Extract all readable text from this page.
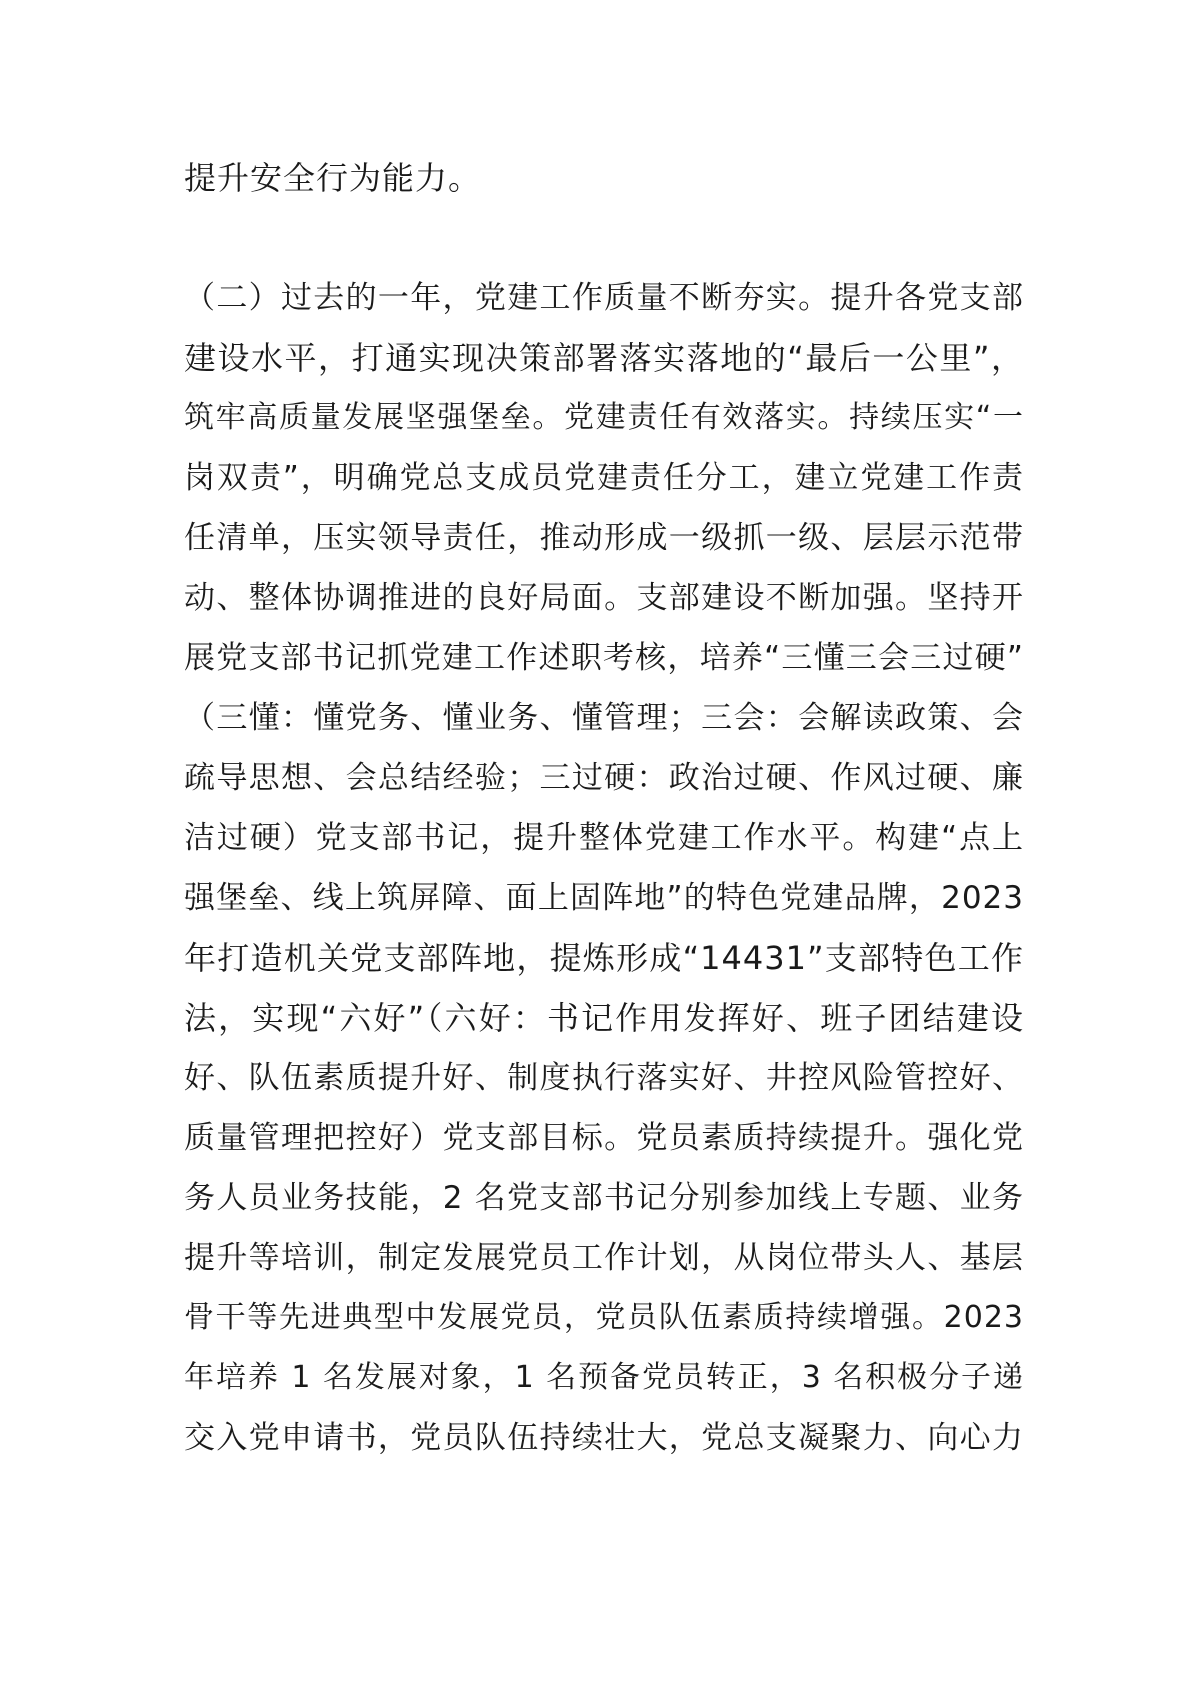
提升安全行为能力。
（二）过去的一年，党建工作质量不断夯实。提升各党支部
建设水平，打通实现决策部署落实落地的“最后一公里”，
筑牢高质量发展坚强堡垒。党建责任有效落实。持续压实“一
岗双责”，明确党总支成员党建责任分工，建立党建工作责
任清单，压实领导责任，推动形成一级抓一级、层层示范带
动、整体协调推进的良好局面。支部建设不断加强。坚持开
展党支部书记抓党建工作述职考核，培养“三懂三会三过硬”
（三懂：懂党务、懂业务、懂管理；三会：会解读政策、会
疏导思想、会总结经验；三过硬：政治过硬、作风过硬、廉
洁过硬）党支部书记，提升整体党建工作水平。构建“点上
强堡垒、线上筑屏障、面上固阵地”的特色党建品牌，2023
年打造机关党支部阵地，提炼形成“14431”支部特色工作
法，实现“六好”（六好：书记作用发挥好、班子团结建设
好、队伍素质提升好、制度执行落实好、井控风险管控好、
质量管理把控好）党支部目标。党员素质持续提升。强化党
务人员业务技能，2 名党支部书记分别参加线上专题、业务
提升等培训，制定发展党员工作计划，从岗位带头人、基层
骨干等先进典型中发展党员，党员队伍素质持续增强。2023
年培养 1 名发展对象，1 名预备党员转正，3 名积极分子递
交入党申请书，党员队伍持续壮大，党总支凝聚力、向心力
